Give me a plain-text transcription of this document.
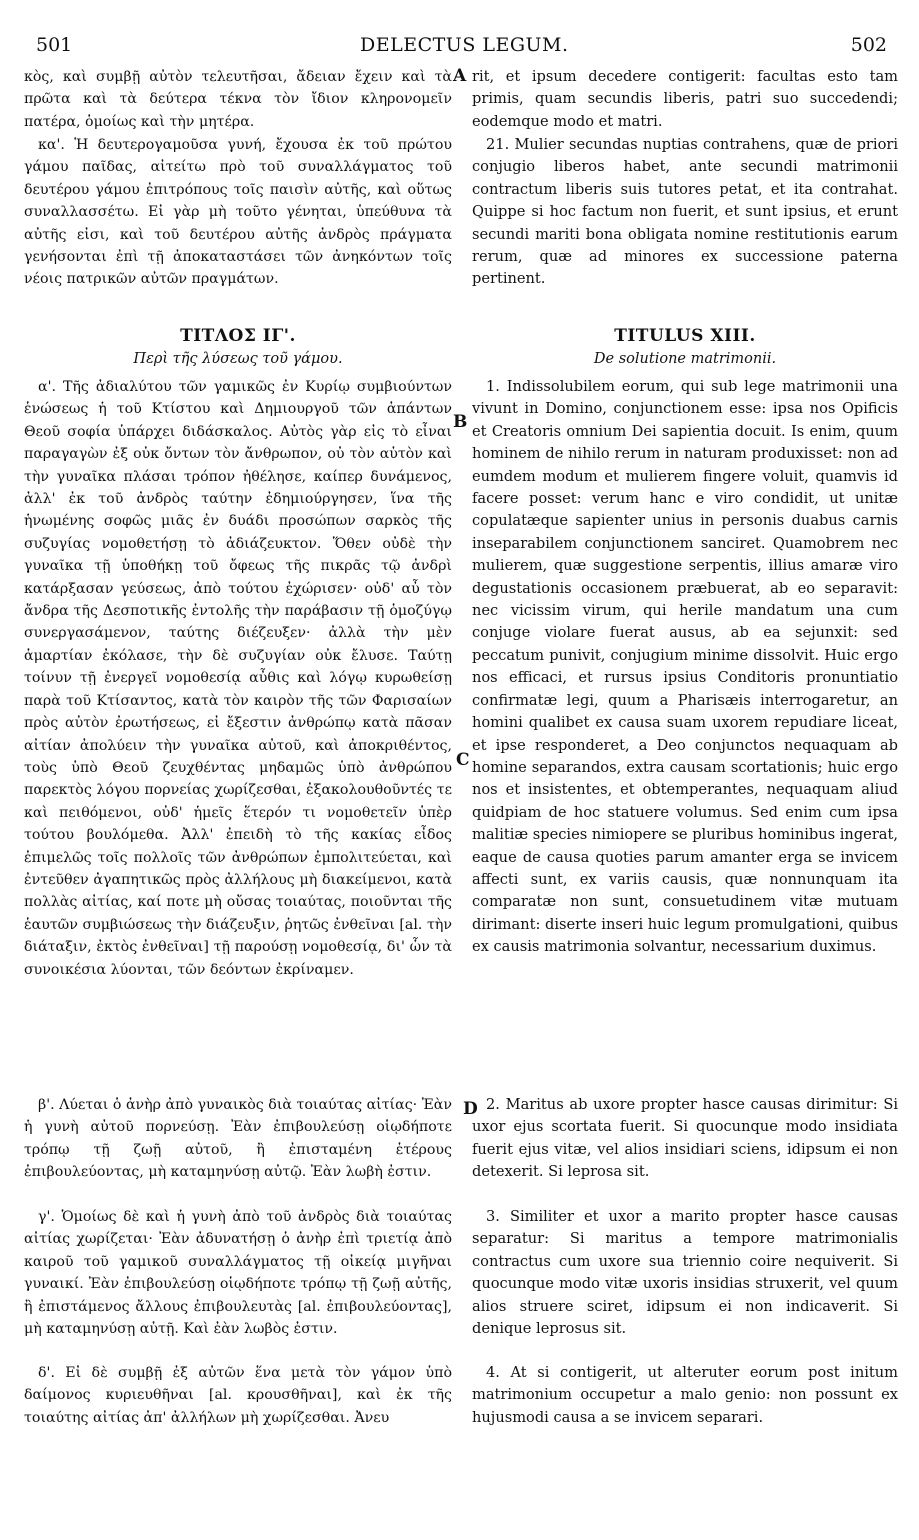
501	DELECTUS LEGUM.	502

κὸς, καὶ συμβῇ αὐτὸν τελευτῆσαι, ἄδειαν ἔχειν καὶ τὰ πρῶτα καὶ τὰ δεύτερα τέκνα τὸν ἴδιον κληρονομεῖν πατέρα, ὁμοίως καὶ τὴν μητέρα.

κα'. Ἡ δευτερογαμοῦσα γυνή, ἔχουσα ἐκ τοῦ πρώτου γάμου παῖδας, αἰτείτω πρὸ τοῦ συναλλάγματος τοῦ δευτέρου γάμου ἐπιτρόπους τοῖς παισὶν αὐτῆς, καὶ οὕτως συναλλασσέτω. Εἰ γὰρ μὴ τοῦτο γένηται, ὑπεύθυνα τὰ αὐτῆς εἰσι, καὶ τοῦ δευτέρου αὐτῆς ἀνδρὸς πράγματα γενήσονται ἐπὶ τῇ ἀποκαταστάσει τῶν ἀνηκόντων τοῖς νέοις πατρικῶν αὐτῶν πραγμάτων.

ΤΙΤΛΟΣ ΙΓ'.

Περὶ τῆς λύσεως τοῦ γάμου.

α'. Τῆς ἀδιαλύτου τῶν γαμικῶς ἐν Κυρίῳ συμβιούντων ἑνώσεως ἡ τοῦ Κτίστου καὶ Δημιουργοῦ τῶν ἁπάντων Θεοῦ σοφία ὑπάρχει διδάσκαλος. Αὐτὸς γὰρ εἰς τὸ εἶναι παραγαγὼν ἐξ οὐκ ὄντων τὸν ἄνθρωπον, οὐ τὸν αὐτὸν καὶ τὴν γυναῖκα πλάσαι τρόπον ἠθέλησε, καίπερ δυνάμενος, ἀλλ' ἐκ τοῦ ἀνδρὸς ταύτην ἐδημιούργησεν, ἵνα τῆς ἡνωμένης σοφῶς μιᾶς ἐν δυάδι προσώπων σαρκὸς τῆς συζυγίας νομοθετήσῃ τὸ ἀδιάζευκτον. Ὅθεν οὐδὲ τὴν γυναῖκα τῇ ὑποθήκῃ τοῦ ὄφεως τῆς πικρᾶς τῷ ἀνδρὶ κατάρξασαν γεύσεως, ἀπὸ τούτου ἐχώρισεν· οὐδ' αὖ τὸν ἄνδρα τῆς Δεσποτικῆς ἐντολῆς τὴν παράβασιν τῇ ὁμοζύγῳ συνεργασάμενον, ταύτης διέζευξεν· ἀλλὰ τὴν μὲν ἁμαρτίαν ἐκόλασε, τὴν δὲ συζυγίαν οὐκ ἔλυσε. Ταύτῃ τοίνυν τῇ ἐνεργεῖ νομοθεσίᾳ αὖθις καὶ λόγῳ κυρωθείσῃ παρὰ τοῦ Κτίσαντος, κατὰ τὸν καιρὸν τῆς τῶν Φαρισαίων πρὸς αὐτὸν ἐρωτήσεως, εἰ ἔξεστιν ἀνθρώπῳ κατὰ πᾶσαν αἰτίαν ἀπολύειν τὴν γυναῖκα αὐτοῦ, καὶ ἀποκριθέντος, τοὺς ὑπὸ Θεοῦ ζευχθέντας μηδαμῶς ὑπὸ ἀνθρώπου παρεκτὸς λόγου πορνείας χωρίζεσθαι, ἐξακολουθοῦντές τε καὶ πειθόμενοι, οὐδ' ἡμεῖς ἕτερόν τι νομοθετεῖν ὑπὲρ τούτου βουλόμεθα. Ἀλλ' ἐπειδὴ τὸ τῆς κακίας εἶδος ἐπιμελῶς τοῖς πολλοῖς τῶν ἀνθρώπων ἐμπολιτεύεται, καὶ ἐντεῦθεν ἀγαπητικῶς πρὸς ἀλλήλους μὴ διακείμενοι, κατὰ πολλὰς αἰτίας, καί ποτε μὴ οὔσας τοιαύτας, ποιοῦνται τῆς ἑαυτῶν συμβιώσεως τὴν διάζευξιν, ῥητῶς ἐνθεῖναι [al. τὴν διάταξιν, ἐκτὸς ἐνθεῖναι] τῇ παρούσῃ νομοθεσίᾳ, δι' ὧν τὰ συνοικέσια λύονται, τῶν δεόντων ἐκρίναμεν.

β'. Λύεται ὁ ἀνὴρ ἀπὸ γυναικὸς διὰ τοιαύτας αἰτίας· Ἐὰν ἡ γυνὴ αὐτοῦ πορνεύσῃ. Ἐὰν ἐπιβουλεύσῃ οἱῳδήποτε τρόπῳ τῇ ζωῇ αὐτοῦ, ἢ ἐπισταμένη ἑτέρους ἐπιβουλεύοντας, μὴ καταμηνύσῃ αὐτῷ. Ἐὰν λωβὴ ἐστιν.

γ'. Ὁμοίως δὲ καὶ ἡ γυνὴ ἀπὸ τοῦ ἀνδρὸς διὰ τοιαύτας αἰτίας χωρίζεται· Ἐὰν ἀδυνατήσῃ ὁ ἀνὴρ ἐπὶ τριετίᾳ ἀπὸ καιροῦ τοῦ γαμικοῦ συναλλάγματος τῇ οἰκείᾳ μιγῆναι γυναικί. Ἐὰν ἐπιβουλεύσῃ οἱῳδήποτε τρόπῳ τῇ ζωῇ αὐτῆς, ἢ ἐπιστάμενος ἄλλους ἐπιβουλευτὰς [al. ἐπιβουλεύοντας], μὴ καταμηνύσῃ αὐτῇ. Καὶ ἐὰν λωβὸς ἐστιν.

δ'. Εἰ δὲ συμβῇ ἐξ αὐτῶν ἕνα μετὰ τὸν γάμον ὑπὸ δαίμονος κυριευθῆναι [al. κρουσθῆναι], καὶ ἐκ τῆς τοιαύτης αἰτίας ἀπ' ἀλλήλων μὴ χωρίζεσθαι. Ἀνευ

A
B
C
D

rit, et ipsum decedere contigerit: facultas esto tam primis, quam secundis liberis, patri suo succedendi; eodemque modo et matri.

21. Mulier secundas nuptias contrahens, quæ de priori conjugio liberos habet, ante secundi matrimonii contractum liberis suis tutores petat, et ita contrahat. Quippe si hoc factum non fuerit, et sunt ipsius, et erunt secundi mariti bona obligata nomine restitutionis earum rerum, quæ ad minores ex successione paterna pertinent.

TITULUS XIII.

De solutione matrimonii.

1. Indissolubilem eorum, qui sub lege matrimonii una vivunt in Domino, conjunctionem esse: ipsa nos Opificis et Creatoris omnium Dei sapientia docuit. Is enim, quum hominem de nihilo rerum in naturam produxisset: non ad eumdem modum et mulierem fingere voluit, quamvis id facere posset: verum hanc e viro condidit, ut unitæ copulatæque sapienter unius in personis duabus carnis inseparabilem conjunctionem sanciret. Quamobrem nec mulierem, quæ suggestione serpentis, illius amaræ viro degustationis occasionem præbuerat, ab eo separavit: nec vicissim virum, qui herile mandatum una cum conjuge violare fuerat ausus, ab ea sejunxit: sed peccatum punivit, conjugium minime dissolvit. Huic ergo nos efficaci, et rursus ipsius Conditoris pronuntiatio confirmatæ legi, quum a Pharisæis interrogaretur, an homini qualibet ex causa suam uxorem repudiare liceat, et ipse responderet, a Deo conjunctos nequaquam ab homine separandos, extra causam scortationis; huic ergo nos et insistentes, et obtemperantes, nequaquam aliud quidpiam de hoc statuere volumus. Sed enim cum ipsa malitiæ species nimiopere se pluribus hominibus ingerat, eaque de causa quoties parum amanter erga se invicem affecti sunt, ex variis causis, quæ nonnunquam ita comparatæ non sunt, consuetudinem vitæ mutuam dirimant: diserte inseri huic legum promulgationi, quibus ex causis matrimonia solvantur, necessarium duximus.

2. Maritus ab uxore propter hasce causas dirimitur: Si uxor ejus scortata fuerit. Si quocunque modo insidiata fuerit ejus vitæ, vel alios insidiari sciens, idipsum ei non detexerit. Si leprosa sit.

3. Similiter et uxor a marito propter hasce causas separatur: Si maritus a tempore matrimonialis contractus cum uxore sua triennio coire nequiverit. Si quocunque modo vitæ uxoris insidias struxerit, vel quum alios struere sciret, idipsum ei non indicaverit. Si denique leprosus sit.

4. At si contigerit, ut alteruter eorum post initum matrimonium occupetur a malo genio: non possunt ex hujusmodi causa a se invicem separari.
